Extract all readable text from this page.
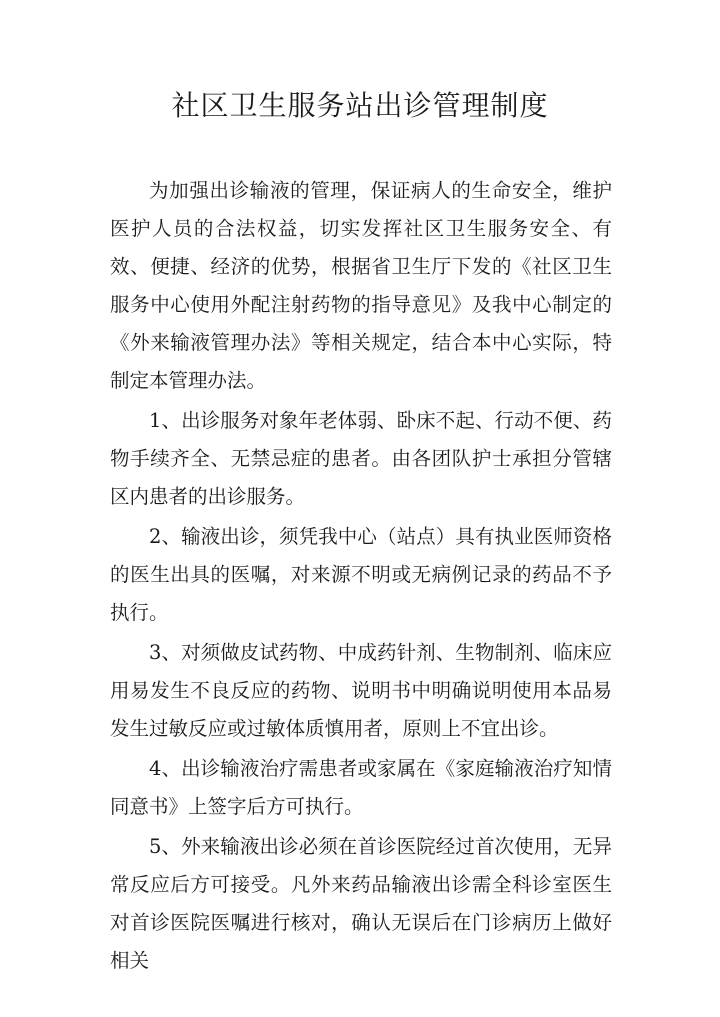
社区卫生服务站出诊管理制度

为加强出诊输液的管理，保证病人的生命安全，维护医护人员的合法权益，切实发挥社区卫生服务安全、有效、便捷、经济的优势，根据省卫生厅下发的《社区卫生服务中心使用外配注射药物的指导意见》及我中心制定的《外来输液管理办法》等相关规定，结合本中心实际，特制定本管理办法。

1、出诊服务对象年老体弱、卧床不起、行动不便、药物手续齐全、无禁忌症的患者。由各团队护士承担分管辖区内患者的出诊服务。

2、输液出诊，须凭我中心（站点）具有执业医师资格的医生出具的医嘱，对来源不明或无病例记录的药品不予执行。

3、对须做皮试药物、中成药针剂、生物制剂、临床应用易发生不良反应的药物、说明书中明确说明使用本品易发生过敏反应或过敏体质慎用者，原则上不宜出诊。

4、出诊输液治疗需患者或家属在《家庭输液治疗知情同意书》上签字后方可执行。

5、外来输液出诊必须在首诊医院经过首次使用，无异常反应后方可接受。凡外来药品输液出诊需全科诊室医生对首诊医院医嘱进行核对，确认无误后在门诊病历上做好相关
